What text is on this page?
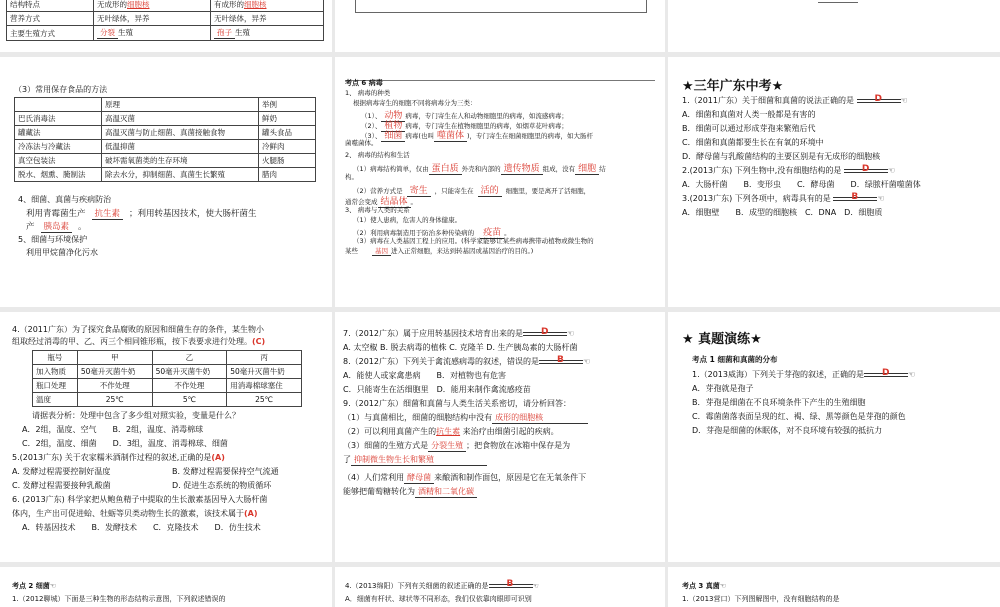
结构特点	无成形的细胞核	有成形的细胞核
营养方式	无叶绿体，异养	无叶绿体，异养
主要生殖方式	分裂 生殖	孢子 生殖
（3）常用保存食品的方法
	原理	举例
巴氏消毒法	高温灭菌	鲜奶
罐藏法	高温灭菌与防止细菌、真菌接触食物	罐头食品
冷冻法与冷藏法	低温抑菌	冷鲜肉
真空包装法	破坏需氧菌类的生存环境	火腿肠
脱水、烟熏、腌制法	除去水分，抑制细菌、真菌生长繁殖	腊肉
4、细菌、真菌与疾病防治
利用青霉菌生产 抗生素 ；利用转基因技术，使大肠杆菌生
产 胰岛素 。
5、细菌与环境保护
利用甲烷菌净化污水
考点 6 病毒
1、 病毒的种类
根据病毒寄生的细胞不同将病毒分为三类：
（1）、 动物 病毒，专门寄生在人和动物细胞里的病毒，如流感病毒；
（2）、 植物 病毒，专门寄生在植物细胞里的病毒，如烟草花叶病毒；
（3）、 细菌 病毒(也叫 噬菌体 )，专门寄生在细菌细胞里的病毒，如大肠杆
菌噬菌体。
2、 病毒的结构和生活
（1）病毒结构简单，仅由 蛋白质 外壳和内部的 遗传物质 组成，没有 细胞 结
构。
（2）营养方式是 寄生 ，只能寄生在 活的 细胞里，要是离开了活细胞，
通常会变成 结晶体 。
3、 病毒与人类的关系
（1）使人患病，危害人的身体健康。
（2）利用病毒制造用于防治多种传染病的 疫苗 。
（3）病毒在人类基因工程上的应用。(科学家能够让某些病毒携带动植物或微生物的
某些	基因 进入正常细胞，来达到转基因或基因治疗的目的。)
★三年广东中考★
1.（2011广东）关于细菌和真菌的说法正确的是 D ☜
A．细菌和真菌对人类一般都是有害的
B．细菌可以通过形成芽孢来繁殖后代
C．细菌和真菌都要生长在有氧的环境中
D．酵母菌与乳酸菌结构的主要区别是有无成形的细胞核
2.(2013广东) 下列生物中,没有细胞结构的是 D ☜
A．大肠杆菌　　B．变形虫　　C．酵母菌　　D．绿脓杆菌噬菌体
3.(2013广东) 下列各项中，病毒具有的是 B ☜
A．细胞壁　　B．成型的细胞核　C．DNA　D．细胞质
4.（2011广东）为了探究食品腐败的原因和细菌生存的条件，某生物小
组取经过消毒的甲、乙、丙三个相同锥形瓶，按下表要求进行处理。(C)
瓶号	甲	乙	丙
加入物质	50毫升灭菌牛奶	50毫升灭菌牛奶	50毫升灭菌牛奶
瓶口处理	不作处理	不作处理	用消毒棉球塞住
温度	25℃	5℃	25℃
请据表分析：处理中包含了多少组对照实验，变量是什么？
A．2组，温度、空气　　B．2组，温度、消毒棉球
C．2组，温度、细菌　　D．3组，温度、消毒棉球、细菌
5.(2013广东) 关于农家糯米酒制作过程的叙述,正确的是(A)
A. 发酵过程需要控制好温度	B. 发酵过程需要保持空气流通
C. 发酵过程需要接种乳酸菌	D. 促进生态系统的物质循环
6. (2013广东) 科学家把从鲍鱼精子中提取的生长激素基因导入大肠杆菌
体内，生产出可促进蛤、牡蛎等贝类动物生长的激素，该技术属于(A)
A．转基因技术　　B．发酵技术　　C．克隆技术　　D．仿生技术
7.（2012广东）属于应用转基因技术培育出来的是 D ☜
A. 太空椒 B. 脱去病毒的植株 C. 克隆羊 D. 生产胰岛素的大肠杆菌
8.（2012广东）下列关于禽流感病毒的叙述，错误的是 B ☜
A．能使人或家禽患病　　B．对植物也有危害
C．只能寄生在活细胞里　D．能用来制作禽流感疫苗
9.（2012广东）细菌和真菌与人类生活关系密切，请分析回答：
（1）与真菌相比，细菌的细胞结构中没有 成形的细胞核
（2）可以利用真菌产生的抗生素 来治疗由细菌引起的疾病。
（3）细菌的生殖方式是 分裂生殖 ；把食物放在冰箱中保存是为
了 抑制微生物生长和繁殖
（4）人们常利用 酵母菌 来酿酒和制作面包，原因是它在无氧条件下
能够把葡萄糖转化为 酒精和二氧化碳
★ 真题演练★
考点 1 细菌和真菌的分布
1.（2013威海）下列关于芽孢的叙述，正确的是 D ☜
A．芽孢就是孢子
B．芽孢是细菌在不良环境条件下产生的生殖细胞
C．霉菌菌落表面呈现的红、褐、绿、黑等颜色是芽孢的颜色
D．芽孢是细菌的休眠体，对不良环境有较强的抵抗力
考点 2 细菌☜
1.（2012聊城）下面是三种生物的形态结构示意图，下列叙述错误的
4.（2013绵阳）下列有关细菌的叙述正确的是 B	☜
A．细菌有杆状、球状等不同形态，我们仅依靠肉眼即可识别
考点 3 真菌☜
1.（2013营口）下列图解图中，没有细胞结构的是
